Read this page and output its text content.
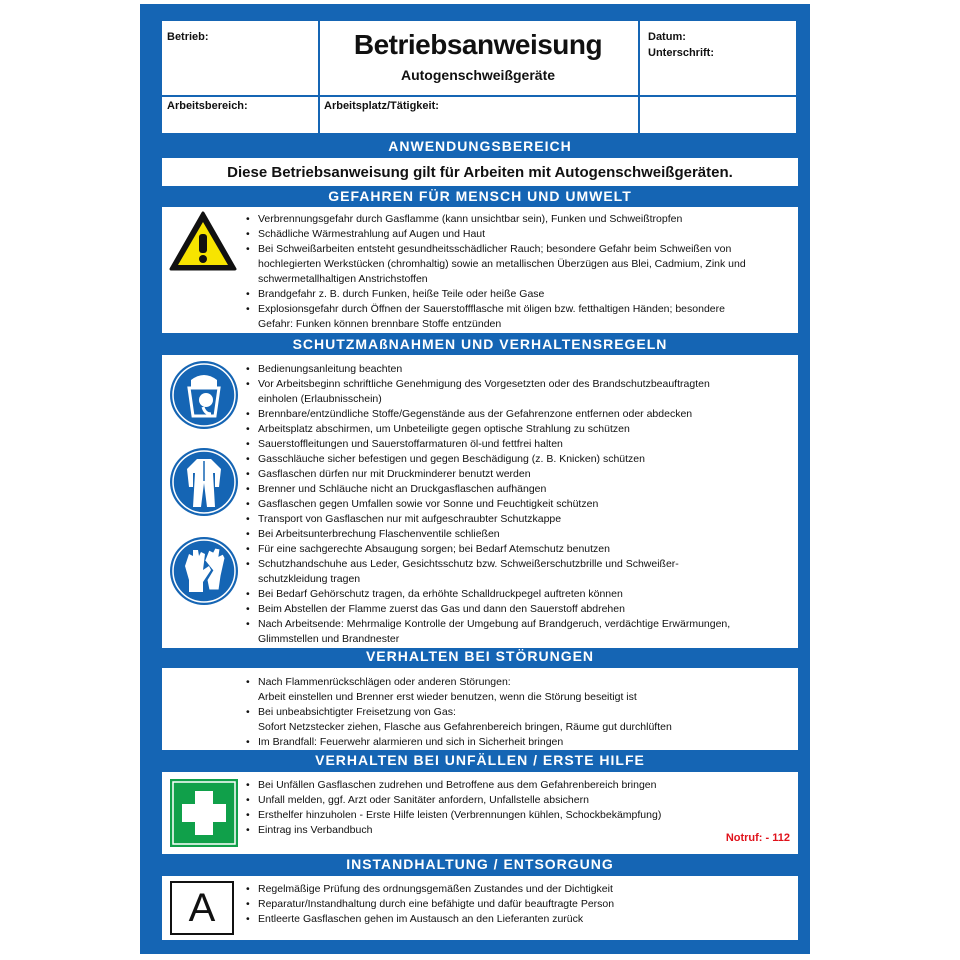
Betrieb:	Betriebsanweisung
Autogenschweißgeräte
Datum:
Unterschrift:
Arbeitsbereich:	Arbeitsplatz/Tätigkeit:
ANWENDUNGSBEREICH
Diese Betriebsanweisung gilt für Arbeiten mit Autogenschweißgeräten.
GEFAHREN FÜR MENSCH UND UMWELT
• Verbrennungsgefahr durch Gasflamme (kann unsichtbar sein), Funken und Schweißtropfen
• Schädliche Wärmestrahlung auf Augen und Haut
• Bei Schweißarbeiten entsteht gesundheitsschädlicher Rauch; besondere Gefahr beim Schweißen von
hochlegierten Werkstücken (chromhaltig) sowie an metallischen Überzügen aus Blei, Cadmium, Zink und
schwermetallhaltigen Anstrichstoffen
• Brandgefahr z. B. durch Funken, heiße Teile oder heiße Gase
• Explosionsgefahr durch Öffnen der Sauerstoffflasche mit öligen bzw. fetthaltigen Händen; besondere
Gefahr: Funken können brennbare Stoffe entzünden
SCHUTZMAßNAHMEN UND VERHALTENSREGELN
• Bedienungsanleitung beachten
• Vor Arbeitsbeginn schriftliche Genehmigung des Vorgesetzten oder des Brandschutzbeauftragten
einholen (Erlaubnisschein)
• Brennbare/entzündliche Stoffe/Gegenstände aus der Gefahrenzone entfernen oder abdecken
• Arbeitsplatz abschirmen, um Unbeteiligte gegen optische Strahlung zu schützen
• Sauerstoffleitungen und Sauerstoffarmaturen öl-und fettfrei halten
• Gasschläuche sicher befestigen und gegen Beschädigung (z. B. Knicken) schützen
• Gasflaschen dürfen nur mit Druckminderer benutzt werden
• Brenner und Schläuche nicht an Druckgasflaschen aufhängen
• Gasflaschen gegen Umfallen sowie vor Sonne und Feuchtigkeit schützen
• Transport von Gasflaschen nur mit aufgeschraubter Schutzkappe
• Bei Arbeitsunterbrechung Flaschenventile schließen
• Für eine sachgerechte Absaugung sorgen; bei Bedarf Atemschutz benutzen
• Schutzhandschuhe aus Leder, Gesichtsschutz bzw. Schweißerschutzbrille und Schweißer-
schutzkleidung tragen
• Bei Bedarf Gehörschutz tragen, da erhöhte Schalldruckpegel auftreten können
• Beim Abstellen der Flamme zuerst das Gas und dann den Sauerstoff abdrehen
• Nach Arbeitsende: Mehrmalige Kontrolle der Umgebung auf Brandgeruch, verdächtige Erwärmungen,
Glimmstellen und Brandnester
VERHALTEN BEI STÖRUNGEN
• Nach Flammenrückschlägen oder anderen Störungen:
Arbeit einstellen und Brenner erst wieder benutzen, wenn die Störung beseitigt ist
• Bei unbeabsichtigter Freisetzung von Gas:
Sofort Netzstecker ziehen, Flasche aus Gefahrenbereich bringen, Räume gut durchlüften
• Im Brandfall: Feuerwehr alarmieren und sich in Sicherheit bringen
VERHALTEN BEI UNFÄLLEN / ERSTE HILFE
• Bei Unfällen Gasflaschen zudrehen und Betroffene aus dem Gefahrenbereich bringen
• Unfall melden, ggf. Arzt oder Sanitäter anfordern, Unfallstelle absichern
• Ersthelfer hinzuholen - Erste Hilfe leisten (Verbrennungen kühlen, Schockbekämpfung)
• Eintrag ins Verbandbuch
Notruf: - 112
INSTANDHALTUNG / ENTSORGUNG
A
•	Regelmäßige Prüfung des ordnungsgemäßen Zustandes und der Dichtigkeit
• Reparatur/Instandhaltung durch eine befähigte und dafür beauftragte Person
• Entleerte Gasflaschen gehen im Austausch an den Lieferanten zurück
